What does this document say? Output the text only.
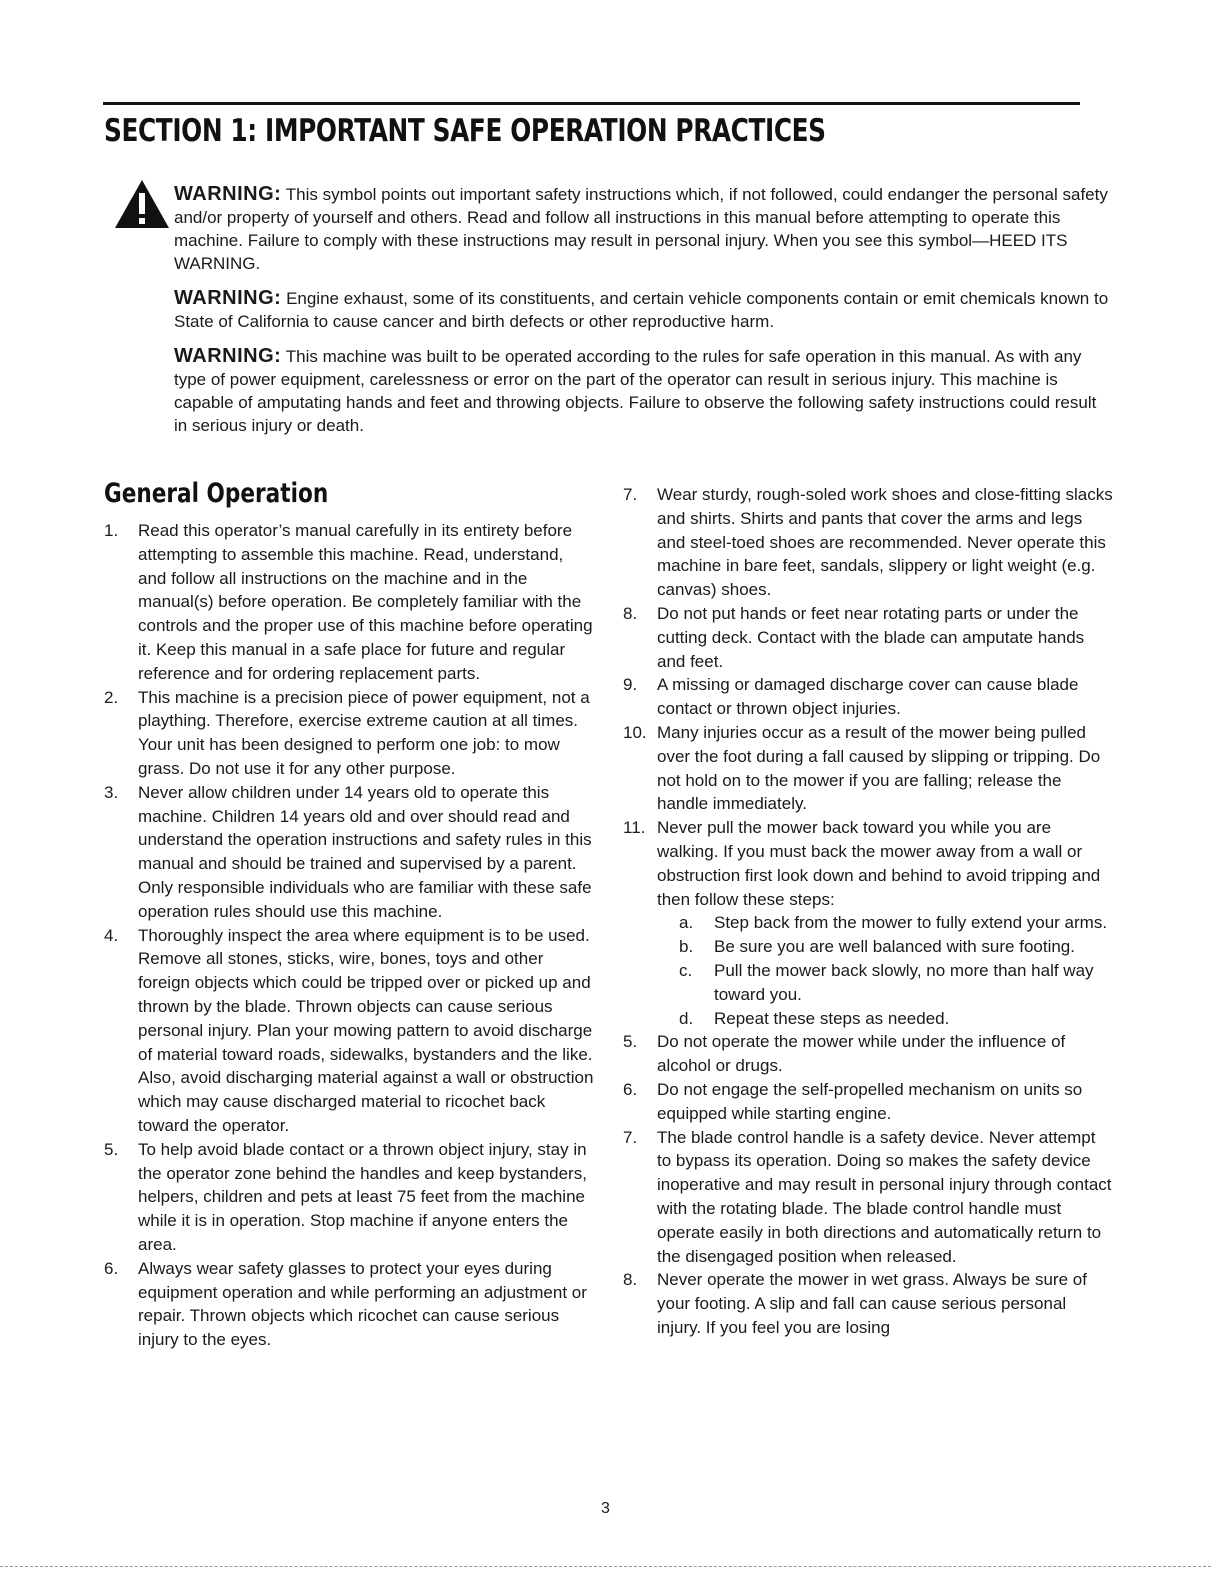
SECTION 1: IMPORTANT SAFE OPERATION PRACTICES

WARNING: This symbol points out important safety instructions which, if not followed, could endanger the personal safety and/or property of yourself and others. Read and follow all instructions in this manual before attempting to operate this machine. Failure to comply with these instructions may result in personal injury. When you see this symbol—HEED ITS WARNING.

WARNING: Engine exhaust, some of its constituents, and certain vehicle components contain or emit chemicals known to State of California to cause cancer and birth defects or other reproductive harm.

WARNING: This machine was built to be operated according to the rules for safe operation in this manual. As with any type of power equipment, carelessness or error on the part of the operator can result in serious injury. This machine is capable of amputating hands and feet and throwing objects. Failure to observe the following safety instructions could result in serious injury or death.

General Operation
1. Read this operator’s manual carefully in its entirety before attempting to assemble this machine. Read, understand, and follow all instructions on the machine and in the manual(s) before operation. Be completely familiar with the controls and the proper use of this machine before operating it. Keep this manual in a safe place for future and regular reference and for ordering replacement parts.
2. This machine is a precision piece of power equipment, not a plaything. Therefore, exercise extreme caution at all times. Your unit has been designed to perform one job: to mow grass. Do not use it for any other purpose.
3. Never allow children under 14 years old to operate this machine. Children 14 years old and over should read and understand the operation instructions and safety rules in this manual and should be trained and supervised by a parent. Only responsible individuals who are familiar with these safe operation rules should use this machine.
4. Thoroughly inspect the area where equipment is to be used. Remove all stones, sticks, wire, bones, toys and other foreign objects which could be tripped over or picked up and thrown by the blade. Thrown objects can cause serious personal injury. Plan your mowing pattern to avoid discharge of material toward roads, sidewalks, bystanders and the like. Also, avoid discharging material against a wall or obstruction which may cause discharged material to ricochet back toward the operator.
5. To help avoid blade contact or a thrown object injury, stay in the operator zone behind the handles and keep bystanders, helpers, children and pets at least 75 feet from the machine while it is in operation. Stop machine if anyone enters the area.
6. Always wear safety glasses to protect your eyes during equipment operation and while performing an adjustment or repair. Thrown objects which ricochet can cause serious injury to the eyes.
7. Wear sturdy, rough-soled work shoes and close-fitting slacks and shirts. Shirts and pants that cover the arms and legs and steel-toed shoes are recommended. Never operate this machine in bare feet, sandals, slippery or light weight (e.g. canvas) shoes.
8. Do not put hands or feet near rotating parts or under the cutting deck. Contact with the blade can amputate hands and feet.
9. A missing or damaged discharge cover can cause blade contact or thrown object injuries.
10. Many injuries occur as a result of the mower being pulled over the foot during a fall caused by slipping or tripping. Do not hold on to the mower if you are falling; release the handle immediately.
11. Never pull the mower back toward you while you are walking. If you must back the mower away from a wall or obstruction first look down and behind to avoid tripping and then follow these steps:
a. Step back from the mower to fully extend your arms.
b. Be sure you are well balanced with sure footing.
c. Pull the mower back slowly, no more than half way toward you.
d. Repeat these steps as needed.
5. Do not operate the mower while under the influence of alcohol or drugs.
6. Do not engage the self-propelled mechanism on units so equipped while starting engine.
7. The blade control handle is a safety device. Never attempt to bypass its operation. Doing so makes the safety device inoperative and may result in personal injury through contact with the rotating blade. The blade control handle must operate easily in both directions and automatically return to the disengaged position when released.
8. Never operate the mower in wet grass. Always be sure of your footing. A slip and fall can cause serious personal injury. If you feel you are losing
3
